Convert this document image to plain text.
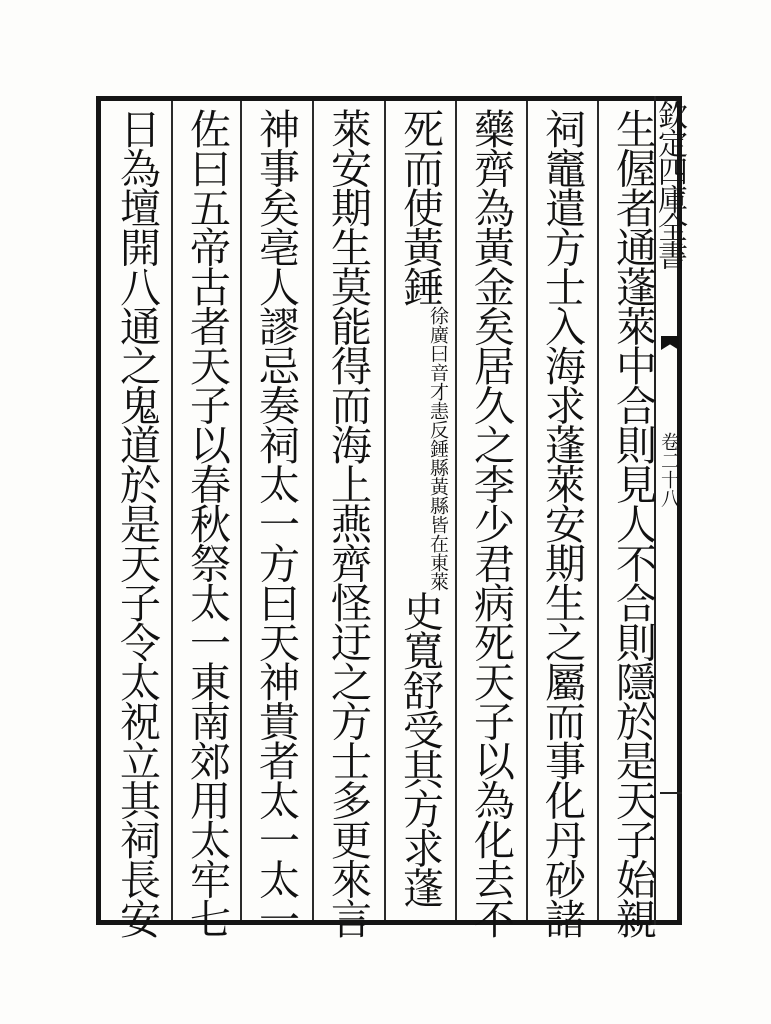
欽定四庫全書
卷二十八
生偓者通蓬萊中合則見人不合則隱於是天子始親
祠竈遣方士入海求蓬萊安期生之屬而事化丹砂諸
藥齊為黃金矣居久之李少君病死天子以為化去不
死而使黃錘徐廣曰音才恚反錘縣黃縣皆在東萊史寬舒受其方求蓬
萊安期生莫能得而海上燕齊怪迂之方士多更來言
神事矣亳人謬忌奏祠太一方曰天神貴者太一太一
佐曰五帝古者天子以春秋祭太一東南郊用太牢七
日為壇開八通之鬼道於是天子令太祝立其祠長安
